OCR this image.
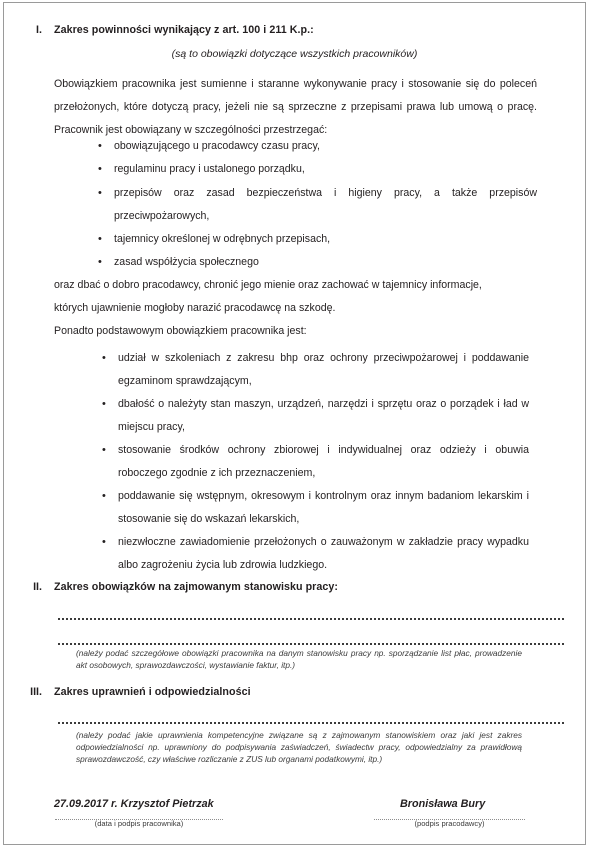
I. Zakres powinności wynikający z art. 100 i 211 K.p.:
(są to obowiązki dotyczące wszystkich pracowników)
Obowiązkiem pracownika jest sumienne i staranne wykonywanie pracy i stosowanie się do poleceń przełożonych, które dotyczą pracy, jeżeli nie są sprzeczne z przepisami prawa lub umową o pracę. Pracownik jest obowiązany w szczególności przestrzegać:
• obowiązującego u pracodawcy czasu pracy,
• regulaminu pracy i ustalonego porządku,
• przepisów oraz zasad bezpieczeństwa i higieny pracy, a także przepisów przeciwpożarowych,
• tajemnicy określonej w odrębnych przepisach,
• zasad współżycia społecznego
oraz dbać o dobro pracodawcy, chronić jego mienie oraz zachować w tajemnicy informacje,
których ujawnienie mogłoby narazić pracodawcę na szkodę.
Ponadto podstawowym obowiązkiem pracownika jest:
• udział w szkoleniach z zakresu bhp oraz ochrony przeciwpożarowej i poddawanie egzaminom sprawdzającym,
• dbałość o należyty stan maszyn, urządzeń, narzędzi i sprzętu oraz o porządek i ład w miejscu pracy,
• stosowanie środków ochrony zbiorowej i indywidualnej oraz odzieży i obuwia roboczego zgodnie z ich przeznaczeniem,
• poddawanie się wstępnym, okresowym i kontrolnym oraz innym badaniom lekarskim i stosowanie się do wskazań lekarskich,
• niezwłoczne zawiadomienie przełożonych o zauważonym w zakładzie pracy wypadku albo zagrożeniu życia lub zdrowia ludzkiego.
II. Zakres obowiązków na zajmowanym stanowisku pracy:
(należy podać szczegółowe obowiązki pracownika na danym stanowisku pracy np. sporządzanie list płac, prowadzenie akt osobowych, sprawozdawczości, wystawianie faktur, itp.)
III. Zakres uprawnień i odpowiedzialności
(należy podać jakie uprawnienia kompetencyjne związane są z zajmowanym stanowiskiem oraz jaki jest zakres odpowiedzialności np. uprawniony do podpisywania zaświadczeń, świadectw pracy, odpowiedzialny za prawidłową sprawozdawczość, czy właściwe rozliczanie z ZUS lub organami podatkowymi, itp.)
27.09.2017 r. Krzysztof Pietrzak
(data i podpis pracownika)
Bronisława Bury
(podpis pracodawcy)
